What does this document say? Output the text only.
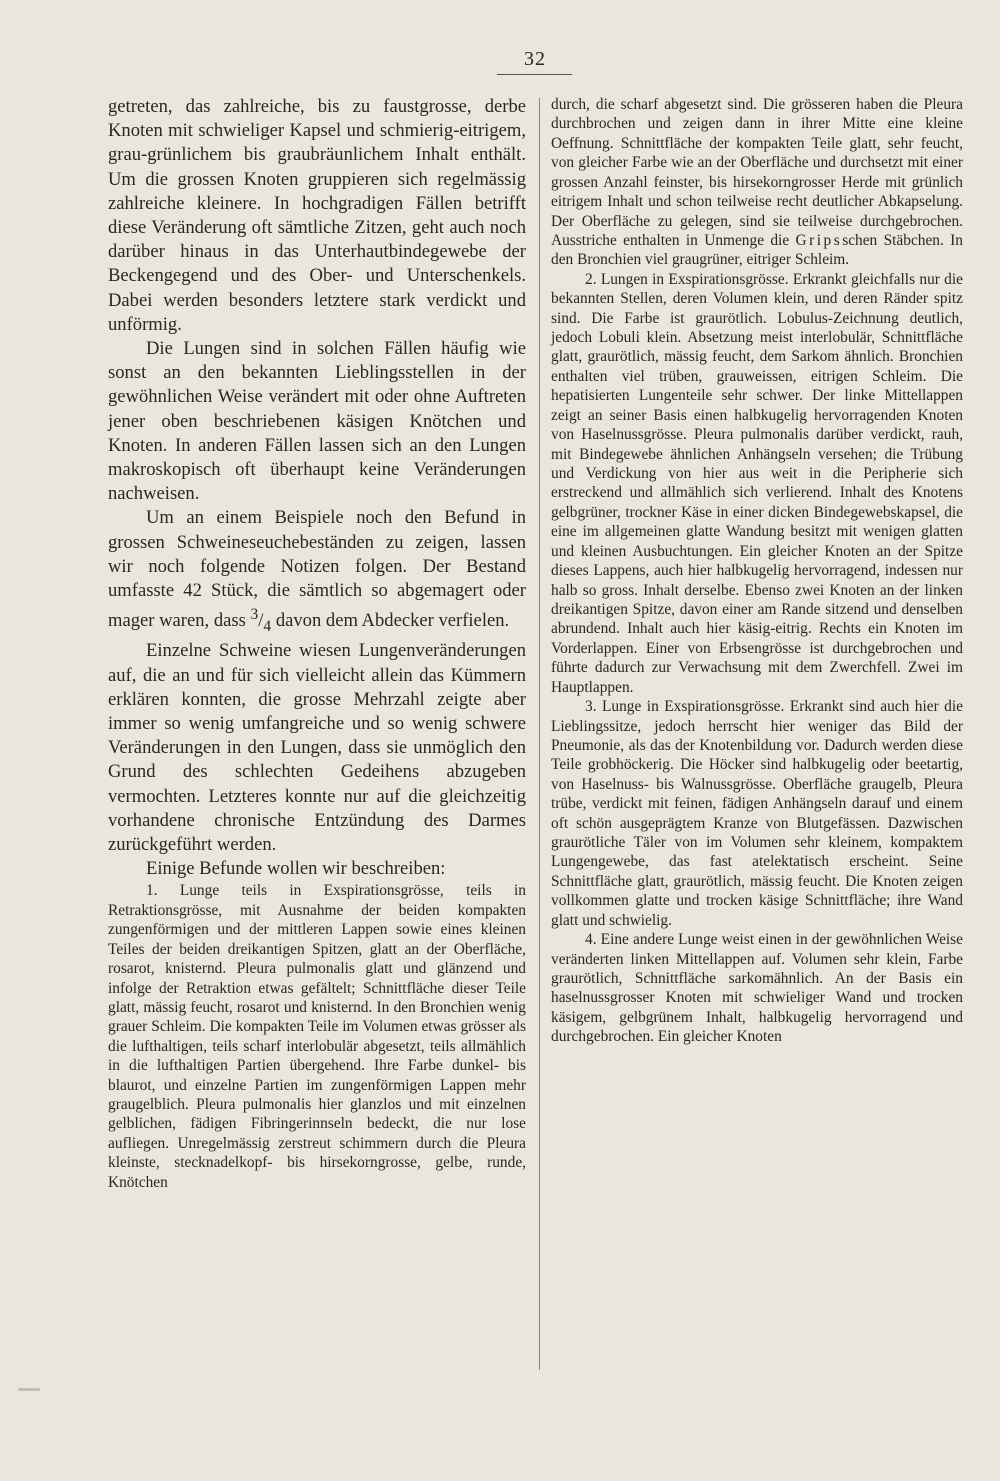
32

getreten, das zahlreiche, bis zu faustgrosse, derbe Knoten mit schwieliger Kapsel und schmierig-eitrigem, grau-grünlichem bis graubräunlichem Inhalt enthält. Um die grossen Knoten gruppieren sich regelmässig zahlreiche kleinere. In hochgradigen Fällen betrifft diese Veränderung oft sämtliche Zitzen, geht auch noch darüber hinaus in das Unterhautbindegewebe der Beckengegend und des Ober- und Unterschenkels. Dabei werden besonders letztere stark verdickt und unförmig.

Die Lungen sind in solchen Fällen häufig wie sonst an den bekannten Lieblingsstellen in der gewöhnlichen Weise verändert mit oder ohne Auftreten jener oben beschriebenen käsigen Knötchen und Knoten. In anderen Fällen lassen sich an den Lungen makroskopisch oft überhaupt keine Veränderungen nachweisen.

Um an einem Beispiele noch den Befund in grossen Schweineseuchebeständen zu zeigen, lassen wir noch folgende Notizen folgen. Der Bestand umfasste 42 Stück, die sämtlich so abgemagert oder mager waren, dass $^3/_4$ davon dem Abdecker verfielen.

Einzelne Schweine wiesen Lungenveränderungen auf, die an und für sich vielleicht allein das Kümmern erklären konnten, die grosse Mehrzahl zeigte aber immer so wenig umfangreiche und so wenig schwere Veränderungen in den Lungen, dass sie unmöglich den Grund des schlechten Gedeihens abzugeben vermochten. Letzteres konnte nur auf die gleichzeitig vorhandene chronische Entzündung des Darmes zurückgeführt werden.

Einige Befunde wollen wir beschreiben:

1. Lunge teils in Exspirationsgrösse, teils in Retraktionsgrösse, mit Ausnahme der beiden kompakten zungenförmigen und der mittleren Lappen sowie eines kleinen Teiles der beiden dreikantigen Spitzen, glatt an der Oberfläche, rosarot, knisternd. Pleura pulmonalis glatt und glänzend und infolge der Retraktion etwas gefältelt; Schnittfläche dieser Teile glatt, mässig feucht, rosarot und knisternd. In den Bronchien wenig grauer Schleim. Die kompakten Teile im Volumen etwas grösser als die lufthaltigen, teils scharf interlobulär abgesetzt, teils allmählich in die lufthaltigen Partien übergehend. Ihre Farbe dunkel- bis blaurot, und einzelne Partien im zungenförmigen Lappen mehr graugelblich. Pleura pulmonalis hier glanzlos und mit einzelnen gelblichen, fädigen Fibringerinnseln bedeckt, die nur lose aufliegen. Unregelmässig zerstreut schimmern durch die Pleura kleinste, stecknadelkopf- bis hirsekorngrosse, gelbe, runde, Knötchen

durch, die scharf abgesetzt sind. Die grösseren haben die Pleura durchbrochen und zeigen dann in ihrer Mitte eine kleine Oeffnung. Schnittfläche der kompakten Teile glatt, sehr feucht, von gleicher Farbe wie an der Oberfläche und durchsetzt mit einer grossen Anzahl feinster, bis hirsekorngrosser Herde mit grünlich eitrigem Inhalt und schon teilweise recht deutlicher Abkapselung. Der Oberfläche zu gelegen, sind sie teilweise durchgebrochen. Ausstriche enthalten in Unmenge die Gripsschen Stäbchen. In den Bronchien viel graugrüner, eitriger Schleim.

2. Lungen in Exspirationsgrösse. Erkrankt gleichfalls nur die bekannten Stellen, deren Volumen klein, und deren Ränder spitz sind. Die Farbe ist graurötlich. Lobulus-Zeichnung deutlich, jedoch Lobuli klein. Absetzung meist interlobulär, Schnittfläche glatt, graurötlich, mässig feucht, dem Sarkom ähnlich. Bronchien enthalten viel trüben, grauweissen, eitrigen Schleim. Die hepatisierten Lungenteile sehr schwer. Der linke Mittellappen zeigt an seiner Basis einen halbkugelig hervorragenden Knoten von Haselnussgrösse. Pleura pulmonalis darüber verdickt, rauh, mit Bindegewebe ähnlichen Anhängseln versehen; die Trübung und Verdickung von hier aus weit in die Peripherie sich erstreckend und allmählich sich verlierend. Inhalt des Knotens gelbgrüner, trockner Käse in einer dicken Bindegewebskapsel, die eine im allgemeinen glatte Wandung besitzt mit wenigen glatten und kleinen Ausbuchtungen. Ein gleicher Knoten an der Spitze dieses Lappens, auch hier halbkugelig hervorragend, indessen nur halb so gross. Inhalt derselbe. Ebenso zwei Knoten an der linken dreikantigen Spitze, davon einer am Rande sitzend und denselben abrundend. Inhalt auch hier käsig-eitrig. Rechts ein Knoten im Vorderlappen. Einer von Erbsengrösse ist durchgebrochen und führte dadurch zur Verwachsung mit dem Zwerchfell. Zwei im Hauptlappen.

3. Lunge in Exspirationsgrösse. Erkrankt sind auch hier die Lieblingssitze, jedoch herrscht hier weniger das Bild der Pneumonie, als das der Knotenbildung vor. Dadurch werden diese Teile grobhöckerig. Die Höcker sind halbkugelig oder beetartig, von Haselnuss- bis Walnussgrösse. Oberfläche graugelb, Pleura trübe, verdickt mit feinen, fädigen Anhängseln darauf und einem oft schön ausgeprägtem Kranze von Blutgefässen. Dazwischen graurötliche Täler von im Volumen sehr kleinem, kompaktem Lungengewebe, das fast atelektatisch erscheint. Seine Schnittfläche glatt, graurötlich, mässig feucht. Die Knoten zeigen vollkommen glatte und trocken käsige Schnittfläche; ihre Wand glatt und schwielig.

4. Eine andere Lunge weist einen in der gewöhnlichen Weise veränderten linken Mittellappen auf. Volumen sehr klein, Farbe graurötlich, Schnittfläche sarkomähnlich. An der Basis ein haselnussgrosser Knoten mit schwieliger Wand und trocken käsigem, gelbgrünem Inhalt, halbkugelig hervorragend und durchgebrochen. Ein gleicher Knoten
